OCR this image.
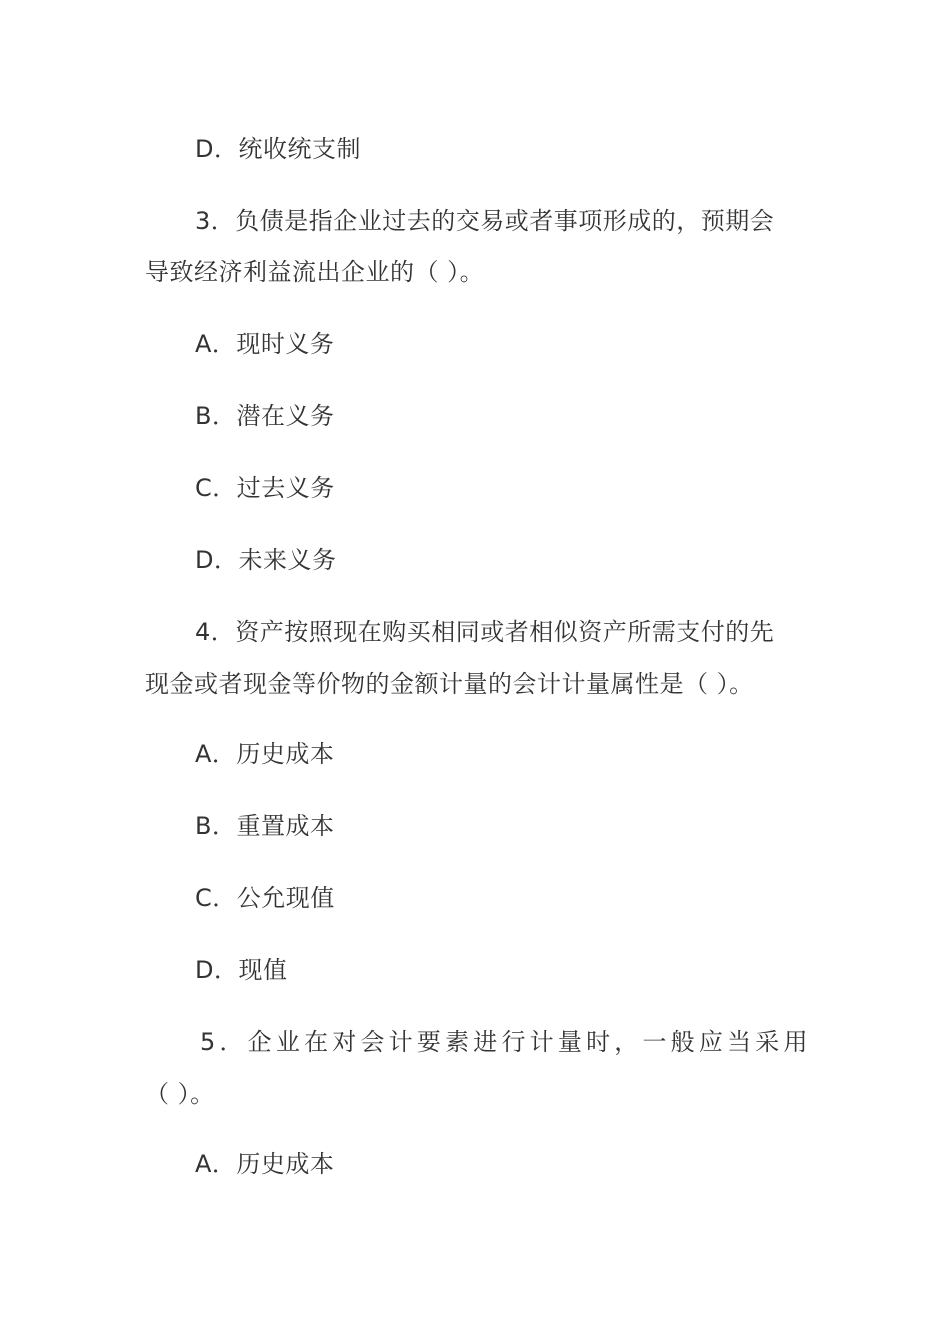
D．统收统支制
3．负债是指企业过去的交易或者事项形成的，预期会
导致经济利益流出企业的（ ）。
A．现时义务
B．潜在义务
C．过去义务
D．未来义务
4．资产按照现在购买相同或者相似资产所需支付的先
现金或者现金等价物的金额计量的会计计量属性是（ ）。
A．历史成本
B．重置成本
C．公允现值
D．现值
5．企业在对会计要素进行计量时，一般应当采用
（ ）。
A．历史成本
